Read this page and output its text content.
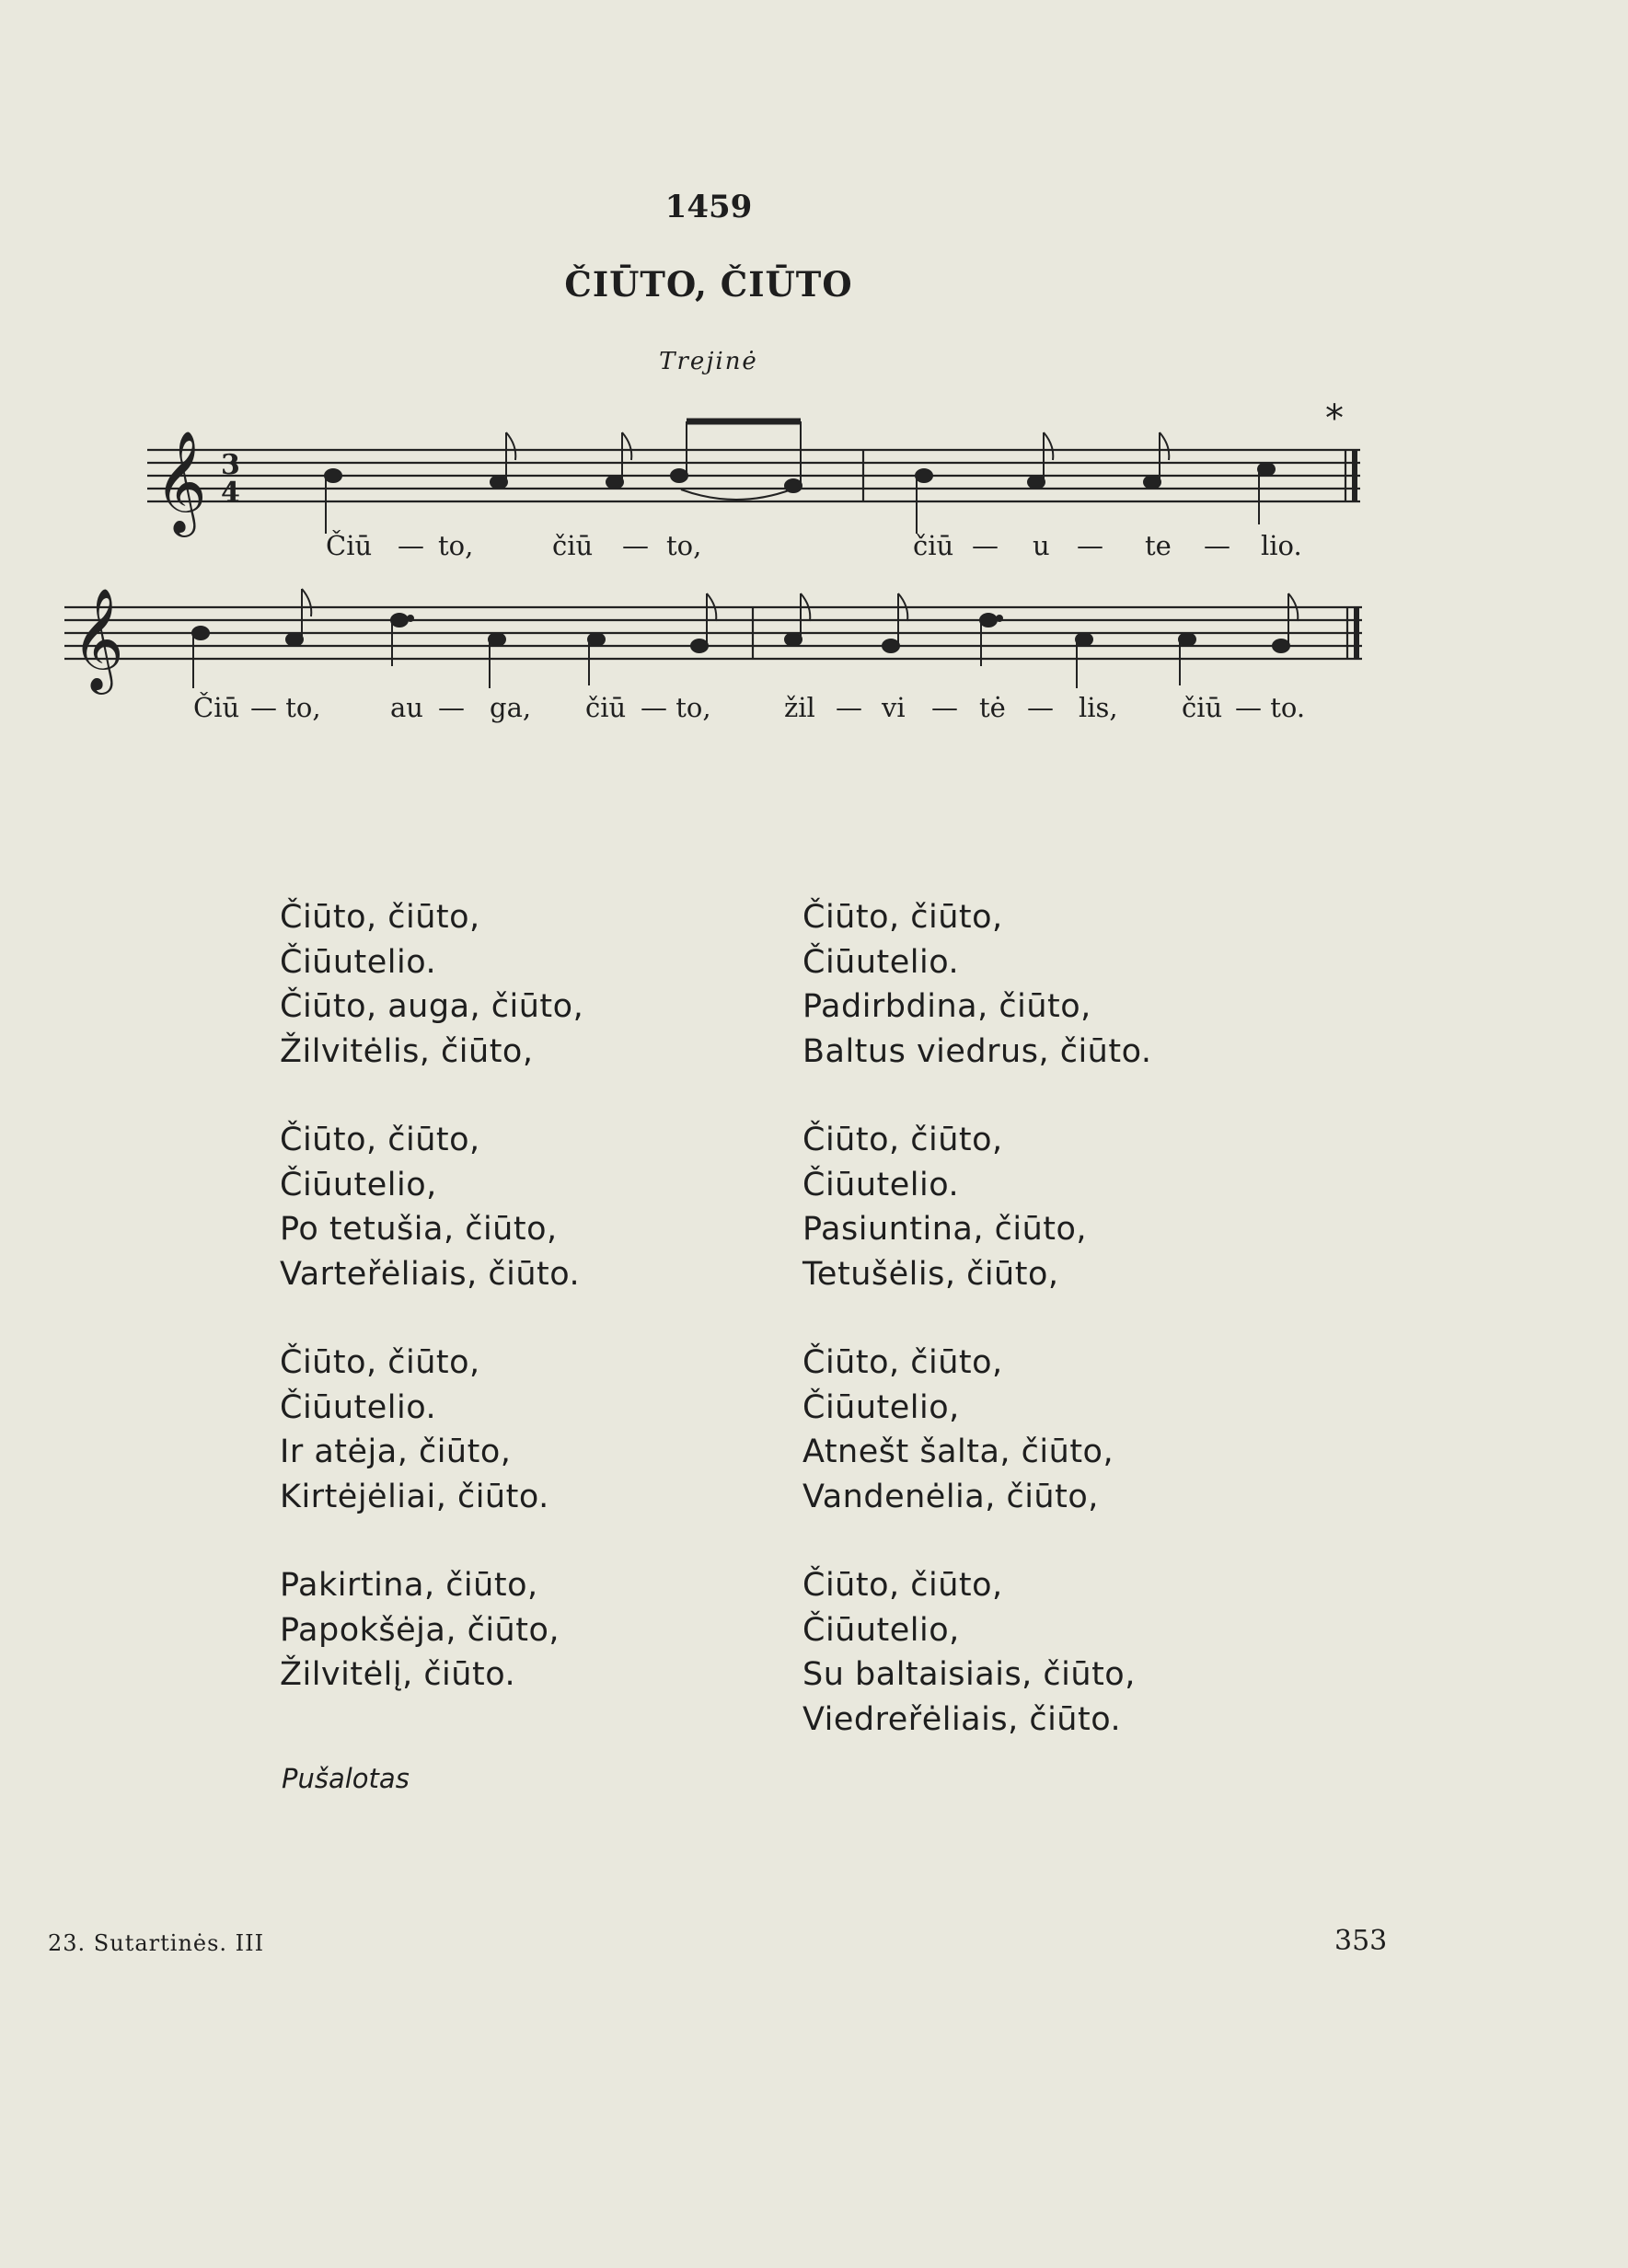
1459
ČIŪTO, ČIŪTO
Trejinė
*
𝄞
𝄞
3
4
Čiū — to,	čiū — to,	čiū — u — te — lio.
Čiū — to,	au — ga, čiū — to,	žil — vi — tė — lis, čiū — to.
Čiūto, čiūto,
Čiūutelio.
Čiūto, auga, čiūto,
Žilvitėlis, čiūto,
Čiūto, čiūto,
Čiūutelio,
Po tetušia, čiūto,
Varteřėliais, čiūto.
Čiūto, čiūto,
Čiūutelio.
Ir atėja, čiūto,
Kirtėjėliai, čiūto.
Pakirtina, čiūto,
Papokšėja, čiūto,
Žilvitėlį, čiūto.
Čiūto, čiūto,
Čiūutelio.
Padirbdina, čiūto,
Baltus viedrus, čiūto.
Čiūto, čiūto,
Čiūutelio.
Pasiuntina, čiūto,
Tetušėlis, čiūto,
Čiūto, čiūto,
Čiūutelio,
Atnešt šalta, čiūto,
Vandenėlia, čiūto,
Čiūto, čiūto,
Čiūutelio,
Su baltaisiais, čiūto,
Viedreřėliais, čiūto.
Pušalotas
23. Sutartinės. III	353
